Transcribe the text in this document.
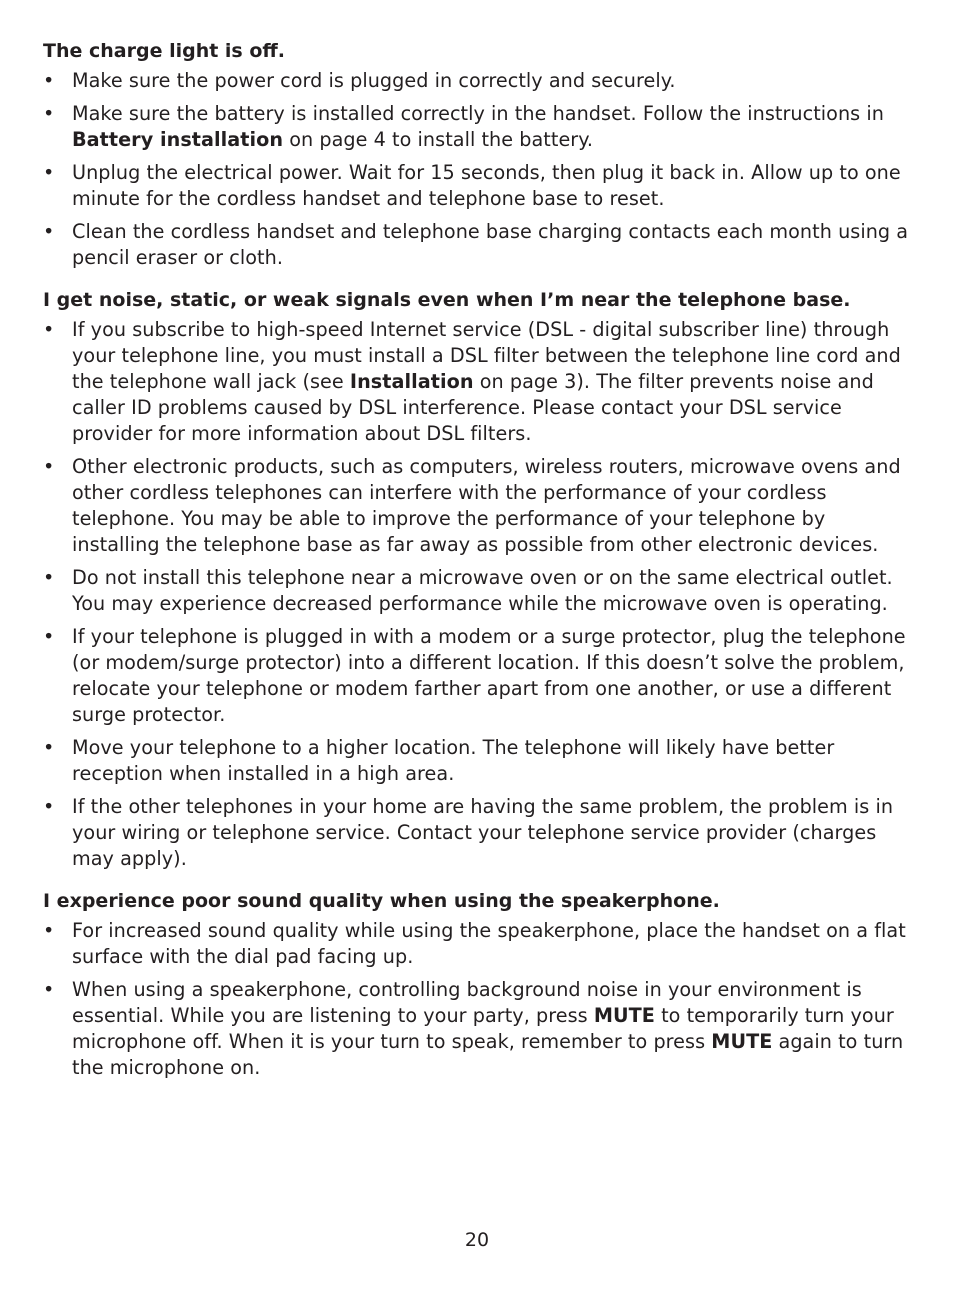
The charge light is off.
• Make sure the power cord is plugged in correctly and securely.
• Make sure the battery is installed correctly in the handset. Follow the instructions in Battery installation on page 4 to install the battery.
• Unplug the electrical power. Wait for 15 seconds, then plug it back in. Allow up to one minute for the cordless handset and telephone base to reset.
• Clean the cordless handset and telephone base charging contacts each month using a pencil eraser or cloth.
I get noise, static, or weak signals even when I’m near the telephone base.
• If you subscribe to high-speed Internet service (DSL - digital subscriber line) through your telephone line, you must install a DSL filter between the telephone line cord and the telephone wall jack (see Installation on page 3). The filter prevents noise and caller ID problems caused by DSL interference. Please contact your DSL service provider for more information about DSL filters.
• Other electronic products, such as computers, wireless routers, microwave ovens and other cordless telephones can interfere with the performance of your cordless telephone. You may be able to improve the performance of your telephone by installing the telephone base as far away as possible from other electronic devices.
• Do not install this telephone near a microwave oven or on the same electrical outlet. You may experience decreased performance while the microwave oven is operating.
• If your telephone is plugged in with a modem or a surge protector, plug the telephone (or modem/surge protector) into a different location. If this doesn’t solve the problem, relocate your telephone or modem farther apart from one another, or use a different surge protector.
• Move your telephone to a higher location. The telephone will likely have better reception when installed in a high area.
• If the other telephones in your home are having the same problem, the problem is in your wiring or telephone service. Contact your telephone service provider (charges may apply).
I experience poor sound quality when using the speakerphone.
• For increased sound quality while using the speakerphone, place the handset on a flat surface with the dial pad facing up.
• When using a speakerphone, controlling background noise in your environment is essential. While you are listening to your party, press MUTE to temporarily turn your microphone off. When it is your turn to speak, remember to press MUTE again to turn the microphone on.
20
